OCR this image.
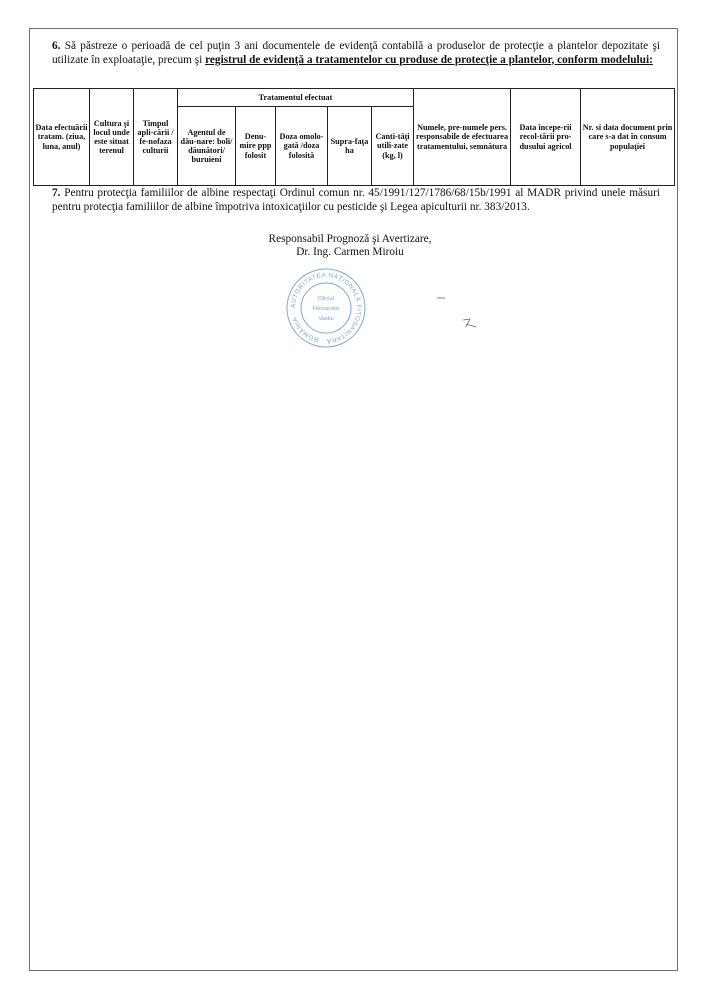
6. Să păstreze o perioadă de cel puţin 3 ani documentele de evidenţă contabilă a produselor de protecţie a plantelor depozitate şi utilizate în exploataţie, precum şi registrul de evidenţă a tratamentelor cu produse de protecţie a plantelor, conform modelului:
Data efectuării tratam. (ziua, luna, anul)	Cultura şi locul unde este situat terenul	Timpul apli-cării / fe-nofaza culturii	Tratamentul efectuat					Numele, pre-numele pers. responsabile de efectuarea tratamentului, semnătura	Data începe-rii recol-tării pro-dusului agricol	Nr. si data document prin care s-a dat în consum populaţiei
			Agentul de dău-nare: boli/ dăunători/ buruieni	Denu-mire ppp folosit	Doza omolo-gată /doza folosită	Supra-faţa ha	Canti-tăţi utili-zate (kg, l)			
7. Pentru protecţia familiilor de albine respectaţi Ordinul comun nr. 45/1991/127/1786/68/15b/1991 al MADR privind unele măsuri pentru protecţia familiilor de albine împotriva intoxicaţiilor cu pesticide şi Legea apiculturii nr. 383/2013.
Responsabil Prognoză şi Avertizare,
Dr. Ing. Carmen Miroiu
AUTORITATEA NAȚIONALĂ FITOSANITARĂ · ROMÂNIA ·
Oficiul
Fitosanitar
Vaslui
